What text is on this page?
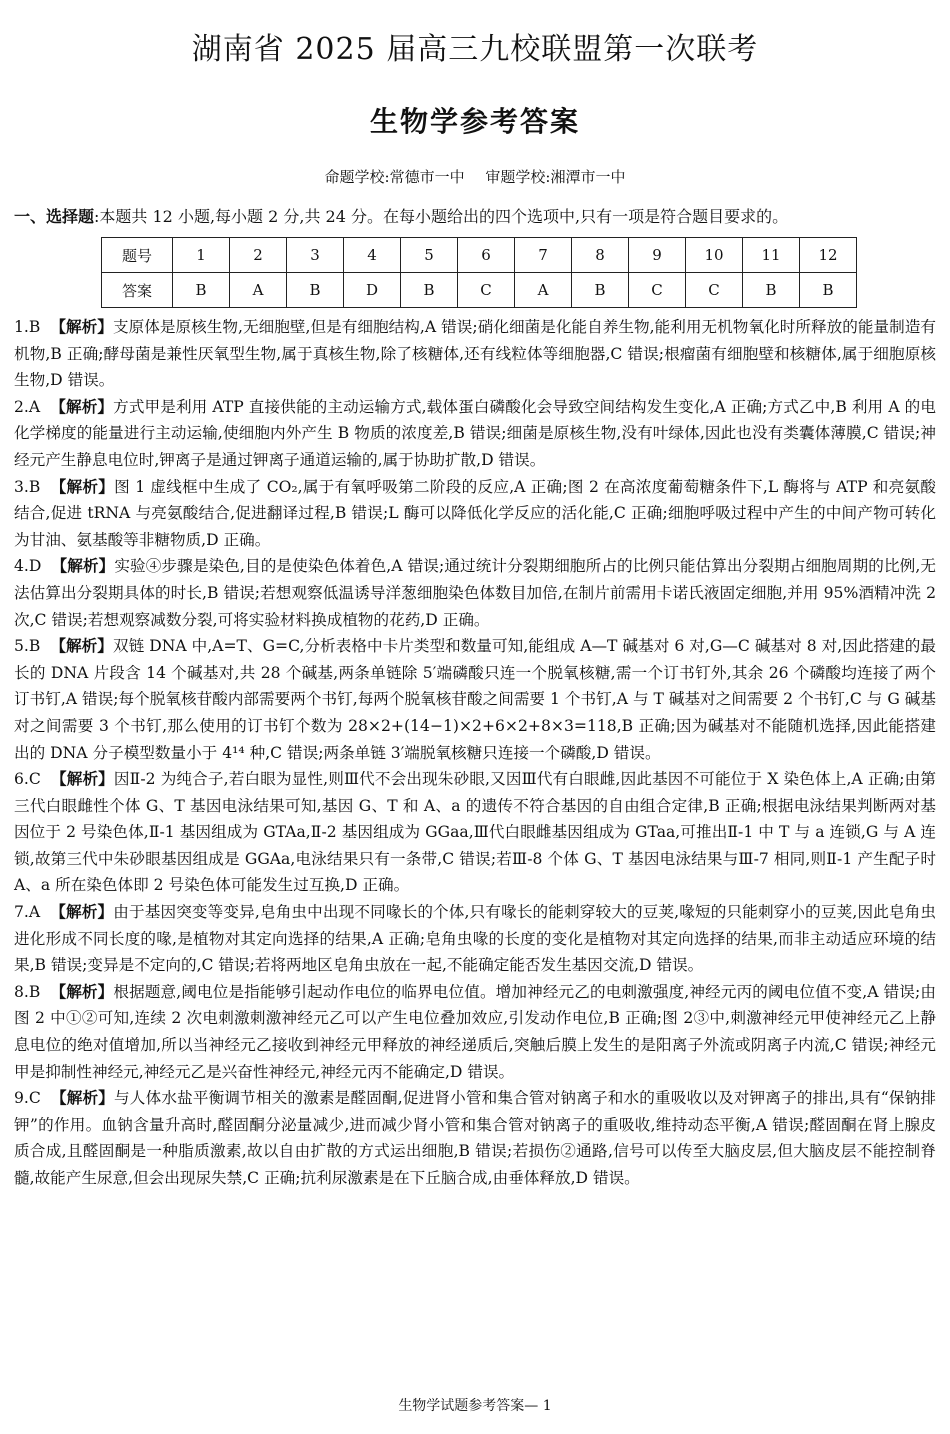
湖南省 2025 届高三九校联盟第一次联考
生物学参考答案
命题学校:常德市一中 审题学校:湘潭市一中
一、选择题:本题共 12 小题,每小题 2 分,共 24 分。在每小题给出的四个选项中,只有一项是符合题目要求的。
题号	1	2	3	4	5	6	7	8	9	10	11	12
答案	B	A	B	D	B	C	A	B	C	C	B	B

1.B 【解析】支原体是原核生物,无细胞壁,但是有细胞结构,A 错误;硝化细菌是化能自养生物,能利用无机物氧化时所释放的能量制造有机物,B 正确;酵母菌是兼性厌氧型生物,属于真核生物,除了核糖体,还有线粒体等细胞器,C 错误;根瘤菌有细胞壁和核糖体,属于细胞原核生物,D 错误。

2.A 【解析】方式甲是利用 ATP 直接供能的主动运输方式,载体蛋白磷酸化会导致空间结构发生变化,A 正确;方式乙中,B 利用 A 的电化学梯度的能量进行主动运输,使细胞内外产生 B 物质的浓度差,B 错误;细菌是原核生物,没有叶绿体,因此也没有类囊体薄膜,C 错误;神经元产生静息电位时,钾离子是通过钾离子通道运输的,属于协助扩散,D 错误。

3.B 【解析】图 1 虚线框中生成了 CO₂,属于有氧呼吸第二阶段的反应,A 正确;图 2 在高浓度葡萄糖条件下,L 酶将与 ATP 和亮氨酸结合,促进 tRNA 与亮氨酸结合,促进翻译过程,B 错误;L 酶可以降低化学反应的活化能,C 正确;细胞呼吸过程中产生的中间产物可转化为甘油、氨基酸等非糖物质,D 正确。

4.D 【解析】实验④步骤是染色,目的是使染色体着色,A 错误;通过统计分裂期细胞所占的比例只能估算出分裂期占细胞周期的比例,无法估算出分裂期具体的时长,B 错误;若想观察低温诱导洋葱细胞染色体数目加倍,在制片前需用卡诺氏液固定细胞,并用 95%酒精冲洗 2 次,C 错误;若想观察减数分裂,可将实验材料换成植物的花药,D 正确。

5.B 【解析】双链 DNA 中,A=T、G=C,分析表格中卡片类型和数量可知,能组成 A—T 碱基对 6 对,G—C 碱基对 8 对,因此搭建的最长的 DNA 片段含 14 个碱基对,共 28 个碱基,两条单链除 5′端磷酸只连一个脱氧核糖,需一个订书钉外,其余 26 个磷酸均连接了两个订书钉,A 错误;每个脱氧核苷酸内部需要两个书钉,每两个脱氧核苷酸之间需要 1 个书钉,A 与 T 碱基对之间需要 2 个书钉,C 与 G 碱基对之间需要 3 个书钉,那么使用的订书钉个数为 28×2+(14−1)×2+6×2+8×3=118,B 正确;因为碱基对不能随机选择,因此能搭建出的 DNA 分子模型数量小于 4¹⁴ 种,C 错误;两条单链 3′端脱氧核糖只连接一个磷酸,D 错误。

6.C 【解析】因Ⅱ-2 为纯合子,若白眼为显性,则Ⅲ代不会出现朱砂眼,又因Ⅲ代有白眼雌,因此基因不可能位于 X 染色体上,A 正确;由第三代白眼雌性个体 G、T 基因电泳结果可知,基因 G、T 和 A、a 的遗传不符合基因的自由组合定律,B 正确;根据电泳结果判断两对基因位于 2 号染色体,Ⅱ-1 基因组成为 GTAa,Ⅱ-2 基因组成为 GGaa,Ⅲ代白眼雌基因组成为 GTaa,可推出Ⅱ-1 中 T 与 a 连锁,G 与 A 连锁,故第三代中朱砂眼基因组成是 GGAa,电泳结果只有一条带,C 错误;若Ⅲ-8 个体 G、T 基因电泳结果与Ⅲ-7 相同,则Ⅱ-1 产生配子时 A、a 所在染色体即 2 号染色体可能发生过互换,D 正确。

7.A 【解析】由于基因突变等变异,皂角虫中出现不同喙长的个体,只有喙长的能刺穿较大的豆荚,喙短的只能刺穿小的豆荚,因此皂角虫进化形成不同长度的喙,是植物对其定向选择的结果,A 正确;皂角虫喙的长度的变化是植物对其定向选择的结果,而非主动适应环境的结果,B 错误;变异是不定向的,C 错误;若将两地区皂角虫放在一起,不能确定能否发生基因交流,D 错误。

8.B 【解析】根据题意,阈电位是指能够引起动作电位的临界电位值。增加神经元乙的电刺激强度,神经元丙的阈电位值不变,A 错误;由图 2 中①②可知,连续 2 次电刺激刺激神经元乙可以产生电位叠加效应,引发动作电位,B 正确;图 2③中,刺激神经元甲使神经元乙上静息电位的绝对值增加,所以当神经元乙接收到神经元甲释放的神经递质后,突触后膜上发生的是阳离子外流或阴离子内流,C 错误;神经元甲是抑制性神经元,神经元乙是兴奋性神经元,神经元丙不能确定,D 错误。

9.C 【解析】与人体水盐平衡调节相关的激素是醛固酮,促进肾小管和集合管对钠离子和水的重吸收以及对钾离子的排出,具有“保钠排钾”的作用。血钠含量升高时,醛固酮分泌量减少,进而减少肾小管和集合管对钠离子的重吸收,维持动态平衡,A 错误;醛固酮在肾上腺皮质合成,且醛固酮是一种脂质激素,故以自由扩散的方式运出细胞,B 错误;若损伤②通路,信号可以传至大脑皮层,但大脑皮层不能控制脊髓,故能产生尿意,但会出现尿失禁,C 正确;抗利尿激素是在下丘脑合成,由垂体释放,D 错误。

生物学试题参考答案— 1
